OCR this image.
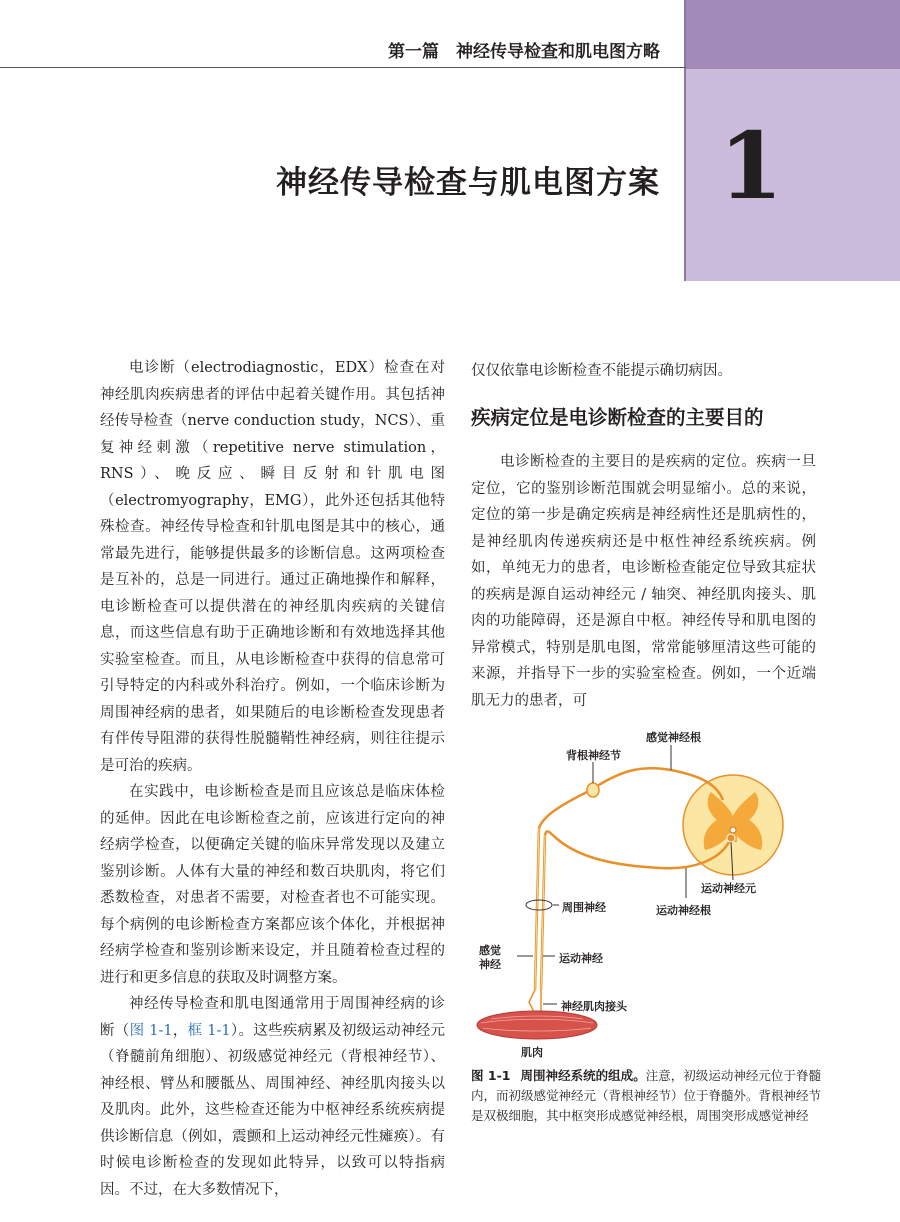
第一篇　神经传导检查和肌电图方略
1
神经传导检查与肌电图方案

电诊断（electrodiagnostic，EDX）检查在对神经肌肉疾病患者的评估中起着关键作用。其包括神经传导检查（nerve conduction study，NCS）、重复神经刺激（repetitive nerve stimulation，RNS）、晚反应、瞬目反射和针肌电图（electromyography，EMG），此外还包括其他特殊检查。神经传导检查和针肌电图是其中的核心，通常最先进行，能够提供最多的诊断信息。这两项检查是互补的，总是一同进行。通过正确地操作和解释，电诊断检查可以提供潜在的神经肌肉疾病的关键信息，而这些信息有助于正确地诊断和有效地选择其他实验室检查。而且，从电诊断检查中获得的信息常可引导特定的内科或外科治疗。例如，一个临床诊断为周围神经病的患者，如果随后的电诊断检查发现患者有伴传导阻滞的获得性脱髓鞘性神经病，则往往提示是可治的疾病。

在实践中，电诊断检查是而且应该总是临床体检的延伸。因此在电诊断检查之前，应该进行定向的神经病学检查，以便确定关键的临床异常发现以及建立鉴别诊断。人体有大量的神经和数百块肌肉，将它们悉数检查，对患者不需要，对检查者也不可能实现。每个病例的电诊断检查方案都应该个体化，并根据神经病学检查和鉴别诊断来设定，并且随着检查过程的进行和更多信息的获取及时调整方案。

神经传导检查和肌电图通常用于周围神经病的诊断（图 1-1，框 1-1）。这些疾病累及初级运动神经元（脊髓前角细胞）、初级感觉神经元（背根神经节）、神经根、臂丛和腰骶丛、周围神经、神经肌肉接头以及肌肉。此外，这些检查还能为中枢神经系统疾病提供诊断信息（例如，震颤和上运动神经元性瘫痪）。有时候电诊断检查的发现如此特异，以致可以特指病因。不过，在大多数情况下，

仅仅依靠电诊断检查不能提示确切病因。

疾病定位是电诊断检查的主要目的

电诊断检查的主要目的是疾病的定位。疾病一旦定位，它的鉴别诊断范围就会明显缩小。总的来说，定位的第一步是确定疾病是神经病性还是肌病性的，是神经肌肉传递疾病还是中枢性神经系统疾病。例如，单纯无力的患者，电诊断检查能定位导致其症状的疾病是源自运动神经元 / 轴突、神经肌肉接头、肌肉的功能障碍，还是源自中枢。神经传导和肌电图的异常模式，特别是肌电图，常常能够厘清这些可能的来源，并指导下一步的实验室检查。例如，一个近端肌无力的患者，可

感觉神经根
背根神经节
运动神经元
运动神经根
周围神经
感觉
神经	运动神经
神经肌肉接头
肌肉
图 1-1 周围神经系统的组成。注意，初级运动神经元位于脊髓内，而初级感觉神经元（背根神经节）位于脊髓外。背根神经节是双极细胞，其中枢突形成感觉神经根，周围突形成感觉神经
